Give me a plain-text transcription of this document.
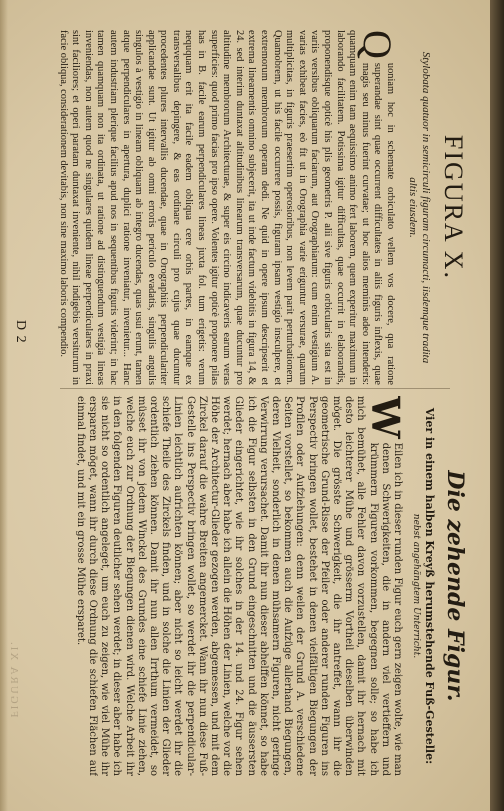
FIGURA X.
Stylobata quatuor in semicirculi figuram circumacti, iisdemque tradita altis eiusdem.
Q
uoniam hoc in schemate orbiculato vellem vos docere, qua ratione superandae sint quae occurrent difficultates in aliis figuris inflexis, quae magis seu minus fuerint curvatae; ut hoc alios meminis adeo intenderis: quamquam enim tam aequissimo animo fert laborem, quem experitur maximum in laborando facilitatem. Potissima igitur difficultas, quae occurrit in elaborandis, proponendisque opticè his plis geometris P. alii sive figuris orbicularis sita est in variis versibus obliquarum faciarum, aut Orographiarum: cum enim vestigium A. varias exhibeat facies, eò fit ut in Orographia varie eriguntur versurae, quarum multiplicitas, in figuris praesertim operosioribus, non levem parit perturbationem. Quamobrem, ut his facile occurrere possis, figuram ipsam vestigio insculpere, et extremorum membrorum operam dedi. Ne quid in opere ipsum descripserit et extrema lineamentis omnino subjecerit, ita ut inde factum videbitis in figura 14, & 24. sed interim duntaxat altitudinibus linearum transversarum, quae ducuntur pro altitudine membrorum Architecturae, & super eis circino indicaveris earum veras superficies: quod primo facias pro ipso opere. Volentes igitur opticè proponere pilas has in B. facile earum perpendiculares lineas juxta fol. tum erigetis: verum neququam erit ita facile eadem obliqua cere orbis partes, in eamque ex transversalibus depingere, & eas ordinare circuli pro cujus quae ducuntur procedentes plures intervallis ducendae, quae in Orographiis perpendiculariter applicandae sunt. Ut igitur ab omni erroris periculo evadatis, singulis angulis singulos à vestigio in lineam obliquam ab integro ducendas, quas usui erunt, tamen atque perpendiculares in apertura, duplici ratione inveniatur, invenietur... Hanc autem industriam plerique facilius apud nos in sequentibus figuris viderint; in hac tamen quamquam non ita ordinata, ut ratione ad distinguendum vestigia lineas inveniendas, non autem quod ne singulares quidem lineae perpendiculares in praxi sint faciliores; et operi paratam duntaxat inveniente, nihil indigebis versiturum in facie obliqua, considerationem devitabis, non sine maximo laboris compendio.
Die zehende Figur.
Vier in einem halben Kreyß herumstehende Fuß-Gestelle:
nebst angehängtem Unterricht.
W
Eilen ich in dieser runden Figur euch gern zeigen wolte, wie man denen Schwerigkeiten, die in andern viel vertieffern und krümmern Figuren vorkommen, begegnen solle; so habe ich mich bemühet, alle Fehler davon vorzustellen, damit ihr hernach mit desto leichterer Mühe und grösserm Vortheil dieselben überwinden möget. Die grösste Schwerigkeit, die ihr antreffet, wann ihr die geometrische Grund-Risse der Pfeiler oder anderer runden Figuren ins Perspectiv bringen wollet, bestehet in denen vielfältigen Biegungen der Profilen oder Aufziehungen: denn weilen der Grund A. verschiedene Seiten vorstellet, so bekommen auch die Aufzüge allerhand Biegungen, deren Vielheit, sonderlich in denen mühsamern Figuren, nicht geringe Verwirrung verursachet. Damit ihr nun dieser abhelffen könnet, so habe ich die Figur selbsten in den Grund eingeschnitten und die äussersten Glieder eingerichtet, wie ihr solches in der 14. und 24. Figur sehen werdet; hernach aber habe ich allein die Höhen der Linien, welche vor die Höhe der Architectur-Glieder gezogen werden, abgemessen, und mit dem Zirckel darauf die wahre Breiten angemercket. Wann ihr nun diese Fuß-Gestelle ins Perspectiv bringen wollet, so werdet ihr die perpendicular-Linien leichtlich aufrichten können; aber nicht so leicht werdet ihr die schiefe Theile des Zirckels finden, und in solche die Linien der Glieder ordentlich ziehen können. Damit ihr nun allen Irrthum vermeidet, so müsset ihr von jedem Winckel des Grundes eine schiefe Linie ziehen, welche euch zur Ordnung der Biegungen dienen wird. Welche Arbeit ihr in den folgenden Figuren deutlicher sehen werdet; in dieser aber habe ich sie nicht so ordentlich angeleget, um euch zu zeigen, wie viel Mühe ihr ersparen möget, wann ihr durch diese Ordnung die schiefen Flächen auf einmal findet, und mit ein grosse Mühe ersparet.
D 2
FIGURA XI.
